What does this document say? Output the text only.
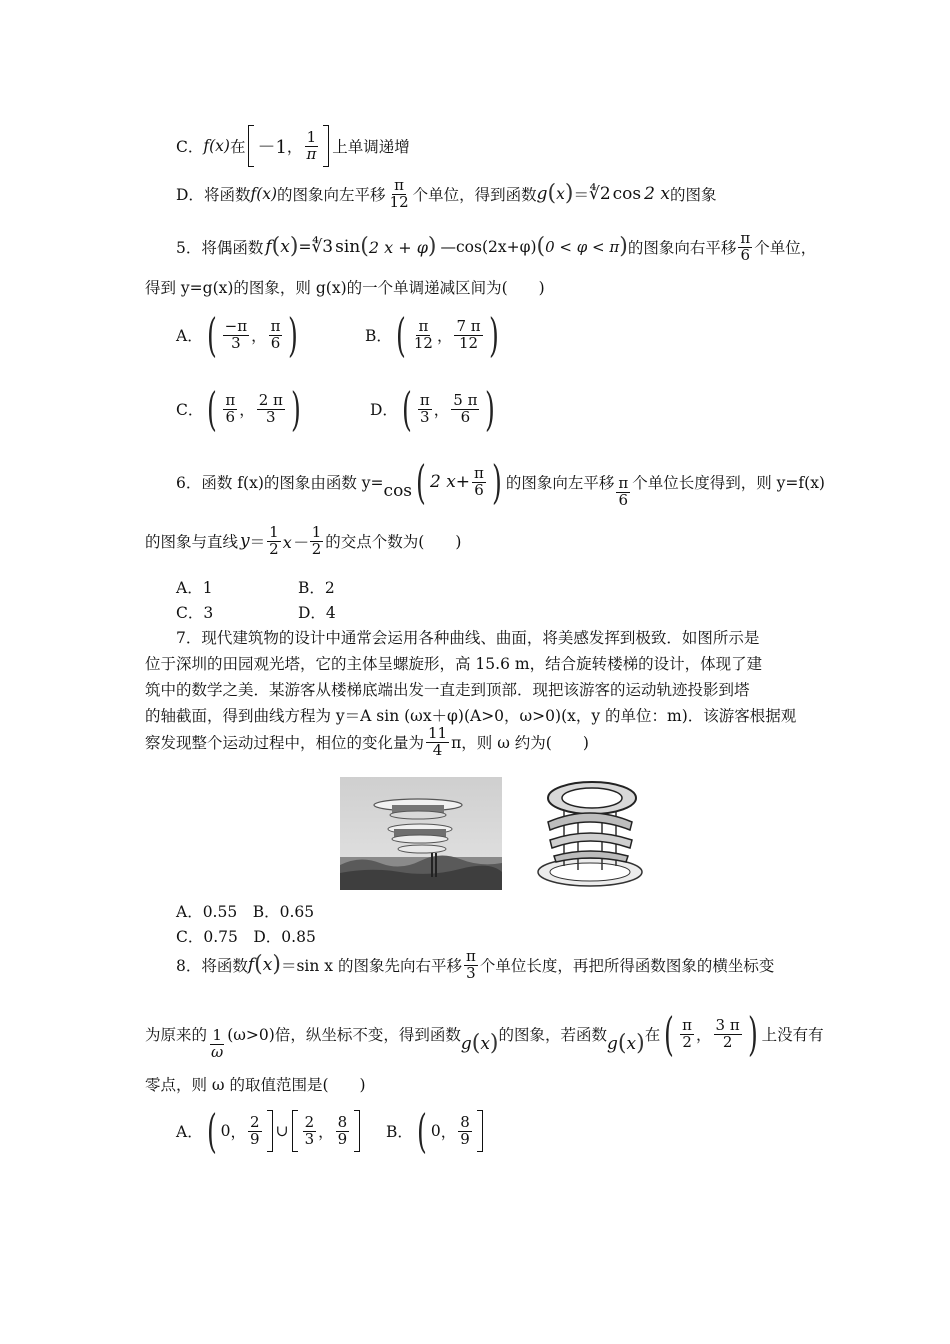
C． f(x) 在 －1 ， $\frac{1}{\pi}$ 上单调递增
D． 将函数 f(x) 的图象向左平移 $\frac{\pi}{12}$ 个单位，得到函数 g ( x ) ＝ ∜2 cos 2 x 的图象
5．将偶函数 f ( x ) = ∜3 sin ( 2 x + φ ) —cos(2x+φ) ( 0 < φ < π ) 的图象向右平移 $\frac{\pi}{6}$ 个单位，
得到 y=g(x)的图象，则 g(x)的一个单调递减区间为(　　)
A． ( $\frac{-\pi}{3}$ ， $\frac{\pi}{6}$ )	B． ( $\frac{\pi}{12}$ ， $\frac{7 \pi}{12}$ )
C． ( $\frac{\pi}{6}$ ， $\frac{2 \pi}{3}$ )	D． ( $\frac{\pi}{3}$ ， $\frac{5 \pi}{6}$ )
6．函数 f(x)的图象由函数 y= cos ( 2 $x+ \frac{\pi}{6}$ ) 的图象向左平移 $\frac{\pi}{6}$ 个单位长度得到，则 y=f(x)
的图象与直线 $y = \frac{1}{2} x- \frac{1}{2}$ 的交点个数为(　　)
A．1	B．2
C．3	D．4
7．现代建筑物的设计中通常会运用各种曲线、曲面，将美感发挥到极致．如图所示是
位于深圳的田园观光塔，它的主体呈螺旋形，高 15.6 m，结合旋转楼梯的设计，体现了建
筑中的数学之美．某游客从楼梯底端出发一直走到顶部．现把该游客的运动轨迹投影到塔
的轴截面，得到曲线方程为 y＝A sin (ωx＋φ)(A>0，ω>0)(x，y 的单位：m)．该游客根据观
察发现整个运动过程中，相位的变化量为 $\frac{11}{4}$ π，则 ω 约为(　　)
A．0.55　B．0.65
C．0.75　D．0.85
8．将函数 f ( x ) ＝sin x 的图象先向右平移 $\frac{\pi}{3}$ 个单位长度，再把所得函数图象的横坐标变
为原来的 $\frac{1}{\omega} (\omega>0)$倍，纵坐标不变，得到函数 g ( x ) 的图象，若函数 g ( x ) 在 ( $\frac{\pi}{2}$ ， $\frac{3 \pi}{2}$ ) 上没有有
零点，则 ω 的取值范围是(　　)
A． ( 0 ， $\frac{2}{9}$ ∪ $\frac{2}{3}$ ， $\frac{8}{9}$ B． ( 0 ， $\frac{8}{9}$
